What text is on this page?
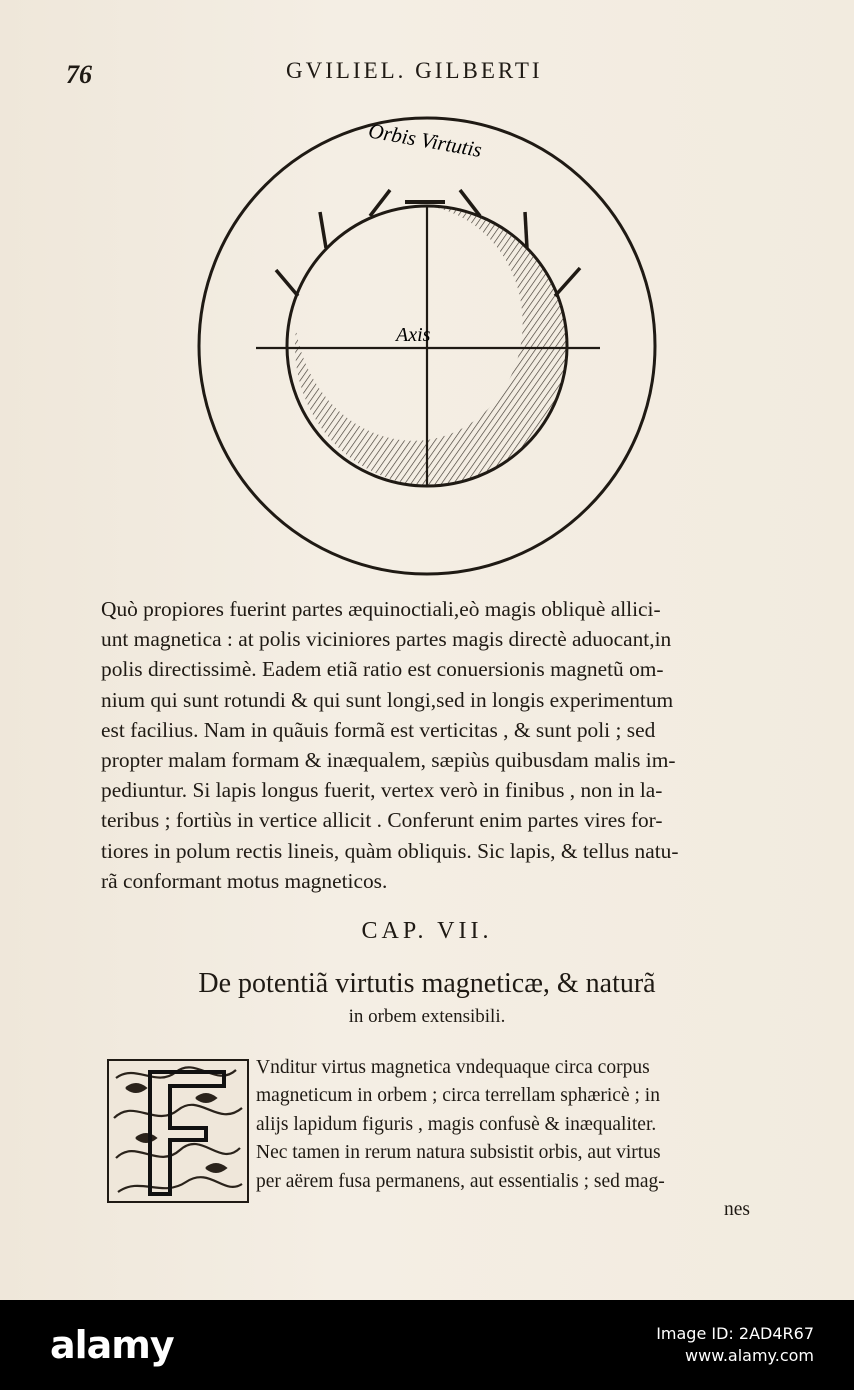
76	GVILIEL. GILBERTI
Orbis Virtutis
Axis
Quò propiores fuerint partes æquinoctiali,eò magis obliquè allici-
unt magnetica : at polis viciniores partes magis directè aduocant,in
polis directissimè. Eadem etiã ratio est conuersionis magnetũ om-
nium qui sunt rotundi & qui sunt longi,sed in longis experimentum
est facilius. Nam in quãuis formã est verticitas , & sunt poli ; sed
propter malam formam & inæqualem, sæpiùs quibusdam malis im-
pediuntur. Si lapis longus fuerit, vertex verò in finibus , non in la-
teribus ; fortiùs in vertice allicit . Conferunt enim partes vires for-
tiores in polum rectis lineis, quàm obliquis. Sic lapis, & tellus natu-
rã conformant motus magneticos.
CAP. VII.
De potentiã virtutis magneticæ, & naturã
in orbem extensibili.
Vnditur virtus magnetica vndequaque circa corpus
magneticum in orbem ; circa terrellam sphæricè ; in
alijs lapidum figuris , magis confusè & inæqualiter.
Nec tamen in rerum natura subsistit orbis, aut virtus
per aërem fusa permanens, aut essentialis ; sed mag-
nes
alamy	Image ID: 2AD4R67
www.alamy.com
